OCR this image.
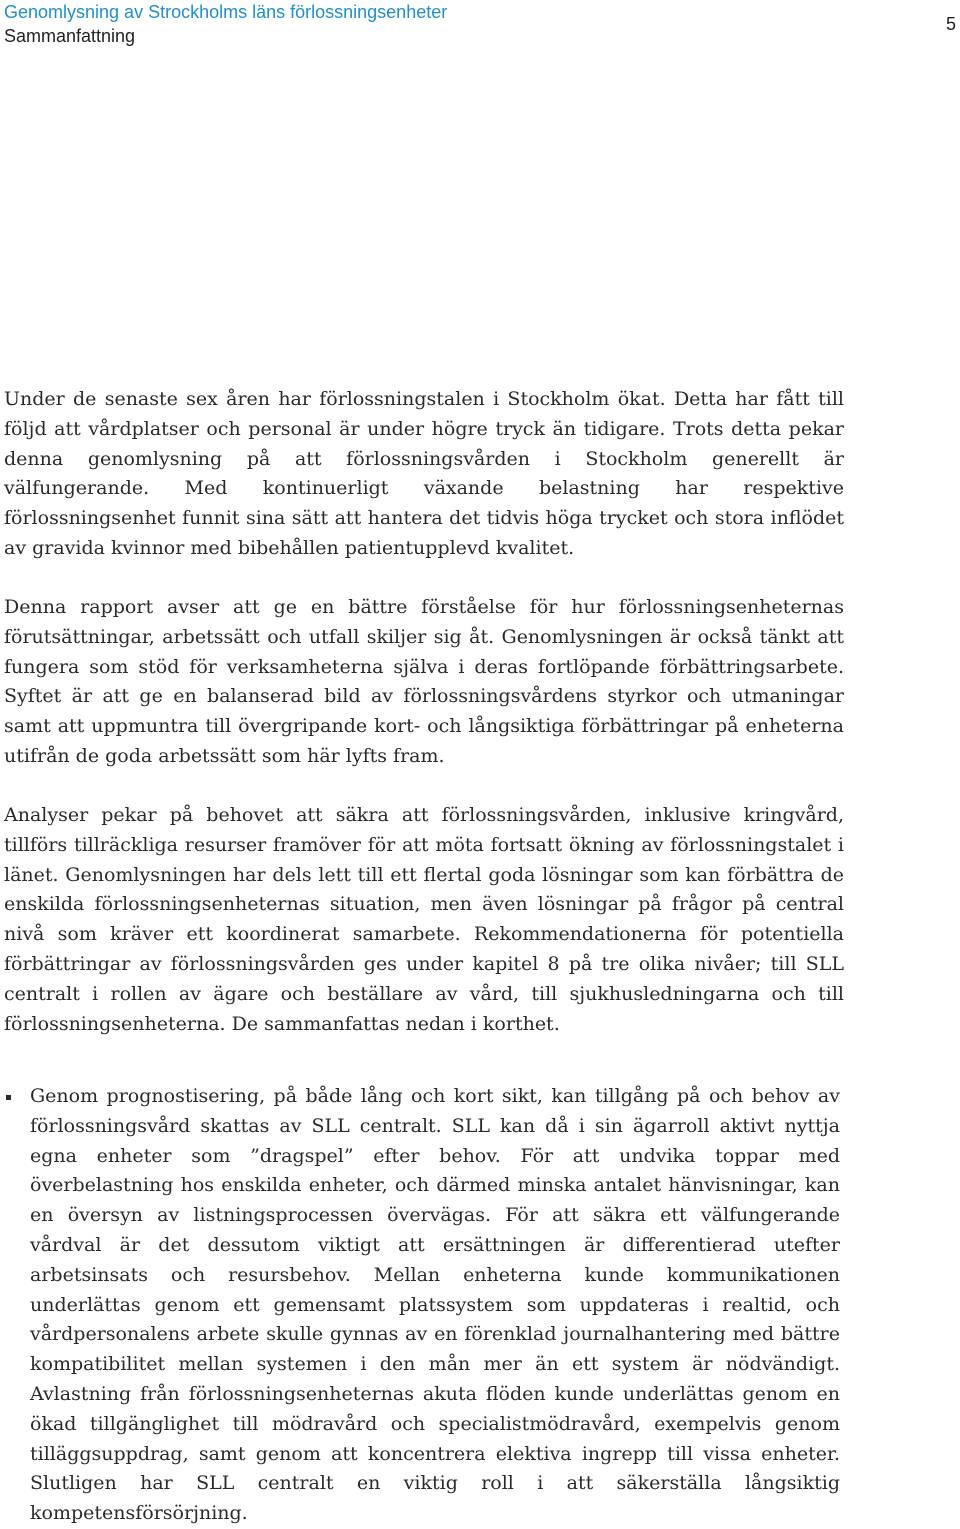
Genomlysning av Strockholms läns förlossningsenheter
Sammanfattning
5

Under de senaste sex åren har förlossningstalen i Stockholm ökat. Detta har fått till följd att vårdplatser och personal är under högre tryck än tidigare. Trots detta pekar denna genomlysning på att förlossningsvården i Stockholm generellt är välfungerande. Med kontinuerligt växande belastning har respektive förlossningsenhet funnit sina sätt att hantera det tidvis höga trycket och stora inflödet av gravida kvinnor med bibehållen patientupplevd kvalitet.

Denna rapport avser att ge en bättre förståelse för hur förlossningsenheternas förutsättningar, arbetssätt och utfall skiljer sig åt. Genomlysningen är också tänkt att fungera som stöd för verksamheterna själva i deras fortlöpande förbättringsarbete. Syftet är att ge en balanserad bild av förlossningsvårdens styrkor och utmaningar samt att uppmuntra till övergripande kort- och långsiktiga förbättringar på enheterna utifrån de goda arbetssätt som här lyfts fram.

Analyser pekar på behovet att säkra att förlossningsvården, inklusive kringvård, tillförs tillräckliga resurser framöver för att möta fortsatt ökning av förlossningstalet i länet. Genomlysningen har dels lett till ett flertal goda lösningar som kan förbättra de enskilda förlossningsenheternas situation, men även lösningar på frågor på central nivå som kräver ett koordinerat samarbete. Rekommendationerna för potentiella förbättringar av förlossningsvården ges under kapitel 8 på tre olika nivåer; till SLL centralt i rollen av ägare och beställare av vård, till sjukhusledningarna och till förlossningsenheterna. De sammanfattas nedan i korthet.

Genom prognostisering, på både lång och kort sikt, kan tillgång på och behov av förlossningsvård skattas av SLL centralt. SLL kan då i sin ägarroll aktivt nyttja egna enheter som ”dragspel” efter behov. För att undvika toppar med överbelastning hos enskilda enheter, och därmed minska antalet hänvisningar, kan en översyn av listningsprocessen övervägas. För att säkra ett välfungerande vårdval är det dessutom viktigt att ersättningen är differentierad utefter arbetsinsats och resursbehov. Mellan enheterna kunde kommunikationen underlättas genom ett gemensamt platssystem som uppdateras i realtid, och vårdpersonalens arbete skulle gynnas av en förenklad journalhantering med bättre kompatibilitet mellan systemen i den mån mer än ett system är nödvändigt. Avlastning från förlossningsenheternas akuta flöden kunde underlättas genom en ökad tillgänglighet till mödravård och specialistmödravård, exempelvis genom tilläggsuppdrag, samt genom att koncentrera elektiva ingrepp till vissa enheter. Slutligen har SLL centralt en viktig roll i att säkerställa långsiktig kompetensförsörjning.
